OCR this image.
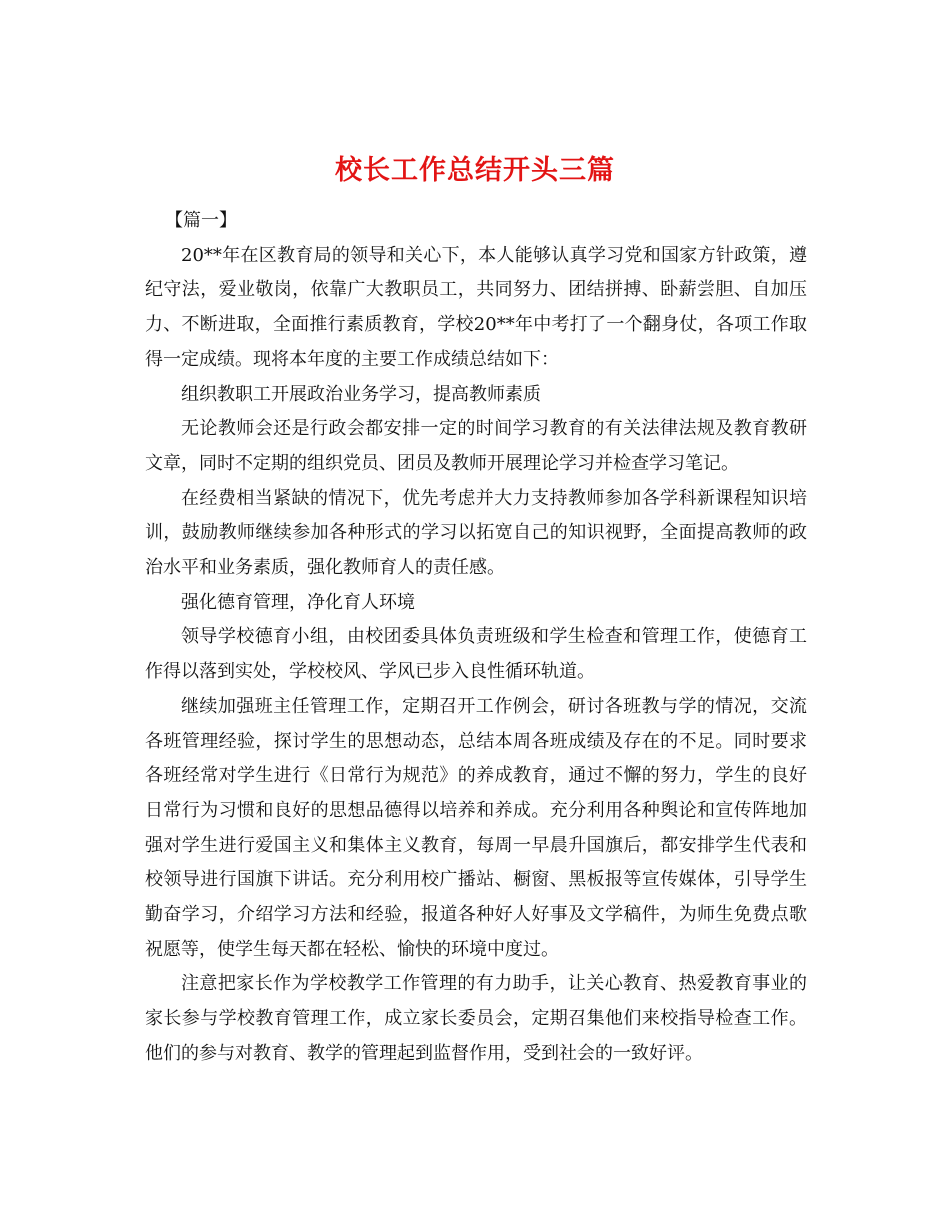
校长工作总结开头三篇

【篇一】

20**年在区教育局的领导和关心下，本人能够认真学习党和国家方针政策，遵纪守法，爱业敬岗，依靠广大教职员工，共同努力、团结拼搏、卧薪尝胆、自加压力、不断进取，全面推行素质教育，学校20**年中考打了一个翻身仗，各项工作取得一定成绩。现将本年度的主要工作成绩总结如下：

组织教职工开展政治业务学习，提高教师素质

无论教师会还是行政会都安排一定的时间学习教育的有关法律法规及教育教研文章，同时不定期的组织党员、团员及教师开展理论学习并检查学习笔记。

在经费相当紧缺的情况下，优先考虑并大力支持教师参加各学科新课程知识培训，鼓励教师继续参加各种形式的学习以拓宽自己的知识视野，全面提高教师的政治水平和业务素质，强化教师育人的责任感。

强化德育管理，净化育人环境

领导学校德育小组，由校团委具体负责班级和学生检查和管理工作，使德育工作得以落到实处，学校校风、学风已步入良性循环轨道。

继续加强班主任管理工作，定期召开工作例会，研讨各班教与学的情况，交流各班管理经验，探讨学生的思想动态，总结本周各班成绩及存在的不足。同时要求各班经常对学生进行《日常行为规范》的养成教育，通过不懈的努力，学生的良好日常行为习惯和良好的思想品德得以培养和养成。充分利用各种舆论和宣传阵地加强对学生进行爱国主义和集体主义教育，每周一早晨升国旗后，都安排学生代表和校领导进行国旗下讲话。充分利用校广播站、橱窗、黑板报等宣传媒体，引导学生勤奋学习，介绍学习方法和经验，报道各种好人好事及文学稿件，为师生免费点歌祝愿等，使学生每天都在轻松、愉快的环境中度过。

注意把家长作为学校教学工作管理的有力助手，让关心教育、热爱教育事业的家长参与学校教育管理工作，成立家长委员会，定期召集他们来校指导检查工作。他们的参与对教育、教学的管理起到监督作用，受到社会的一致好评。
